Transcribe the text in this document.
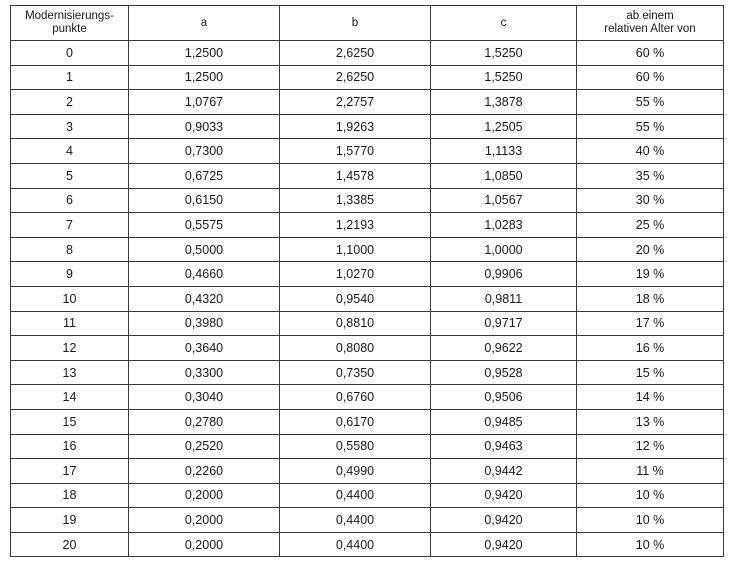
Modernisierungs-
punkte	a	b	c	ab einem
relativen Alter von

0	1,2500	2,6250	1,5250	60 %
1	1,2500	2,6250	1,5250	60 %
2	1,0767	2,2757	1,3878	55 %
3	0,9033	1,9263	1,2505	55 %
4	0,7300	1,5770	1,1133	40 %
5	0,6725	1,4578	1,0850	35 %
6	0,6150	1,3385	1,0567	30 %
7	0,5575	1,2193	1,0283	25 %
8	0,5000	1,1000	1,0000	20 %
9	0,4660	1,0270	0,9906	19 %
10	0,4320	0,9540	0,9811	18 %
11	0,3980	0,8810	0,9717	17 %
12	0,3640	0,8080	0,9622	16 %
13	0,3300	0,7350	0,9528	15 %
14	0,3040	0,6760	0,9506	14 %
15	0,2780	0,6170	0,9485	13 %
16	0,2520	0,5580	0,9463	12 %
17	0,2260	0,4990	0,9442	11 %
18	0,2000	0,4400	0,9420	10 %
19	0,2000	0,4400	0,9420	10 %
20	0,2000	0,4400	0,9420	10 %
